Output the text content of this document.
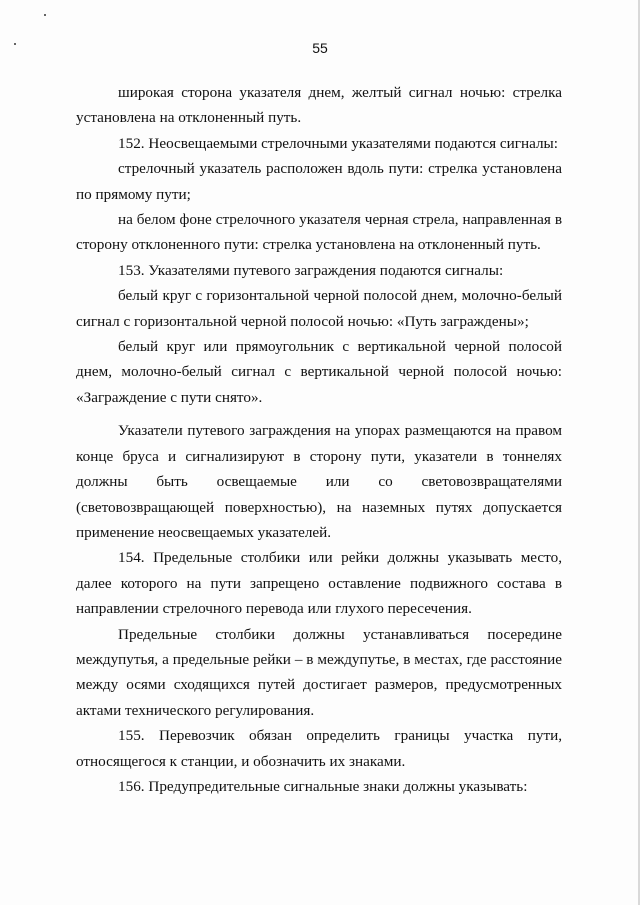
55

широкая сторона указателя днем, желтый сигнал ночью: стрелка установлена на отклоненный путь.

152. Неосвещаемыми стрелочными указателями подаются сигналы:

стрелочный указатель расположен вдоль пути: стрелка установлена по прямому пути;

на белом фоне стрелочного указателя черная стрела, направленная в сторону отклоненного пути: стрелка установлена на отклоненный путь.

153. Указателями путевого заграждения подаются сигналы:

белый круг с горизонтальной черной полосой днем, молочно-белый сигнал с горизонтальной черной полосой ночью: «Путь заграждены»;

белый круг или прямоугольник с вертикальной черной полосой днем, молочно-белый сигнал с вертикальной черной полосой ночью: «Заграждение с пути снято».

Указатели путевого заграждения на упорах размещаются на правом конце бруса и сигнализируют в сторону пути, указатели в тоннелях должны быть освещаемые или со световозвращателями (световозвращающей поверхностью), на наземных путях допускается применение неосвещаемых указателей.

154. Предельные столбики или рейки должны указывать место, далее которого на пути запрещено оставление подвижного состава в направлении стрелочного перевода или глухого пересечения.

Предельные столбики должны устанавливаться посередине междупутья, а предельные рейки – в междупутье, в местах, где расстояние между осями сходящихся путей достигает размеров, предусмотренных актами технического регулирования.

155. Перевозчик обязан определить границы участка пути, относящегося к станции, и обозначить их знаками.

156. Предупредительные сигнальные знаки должны указывать:
